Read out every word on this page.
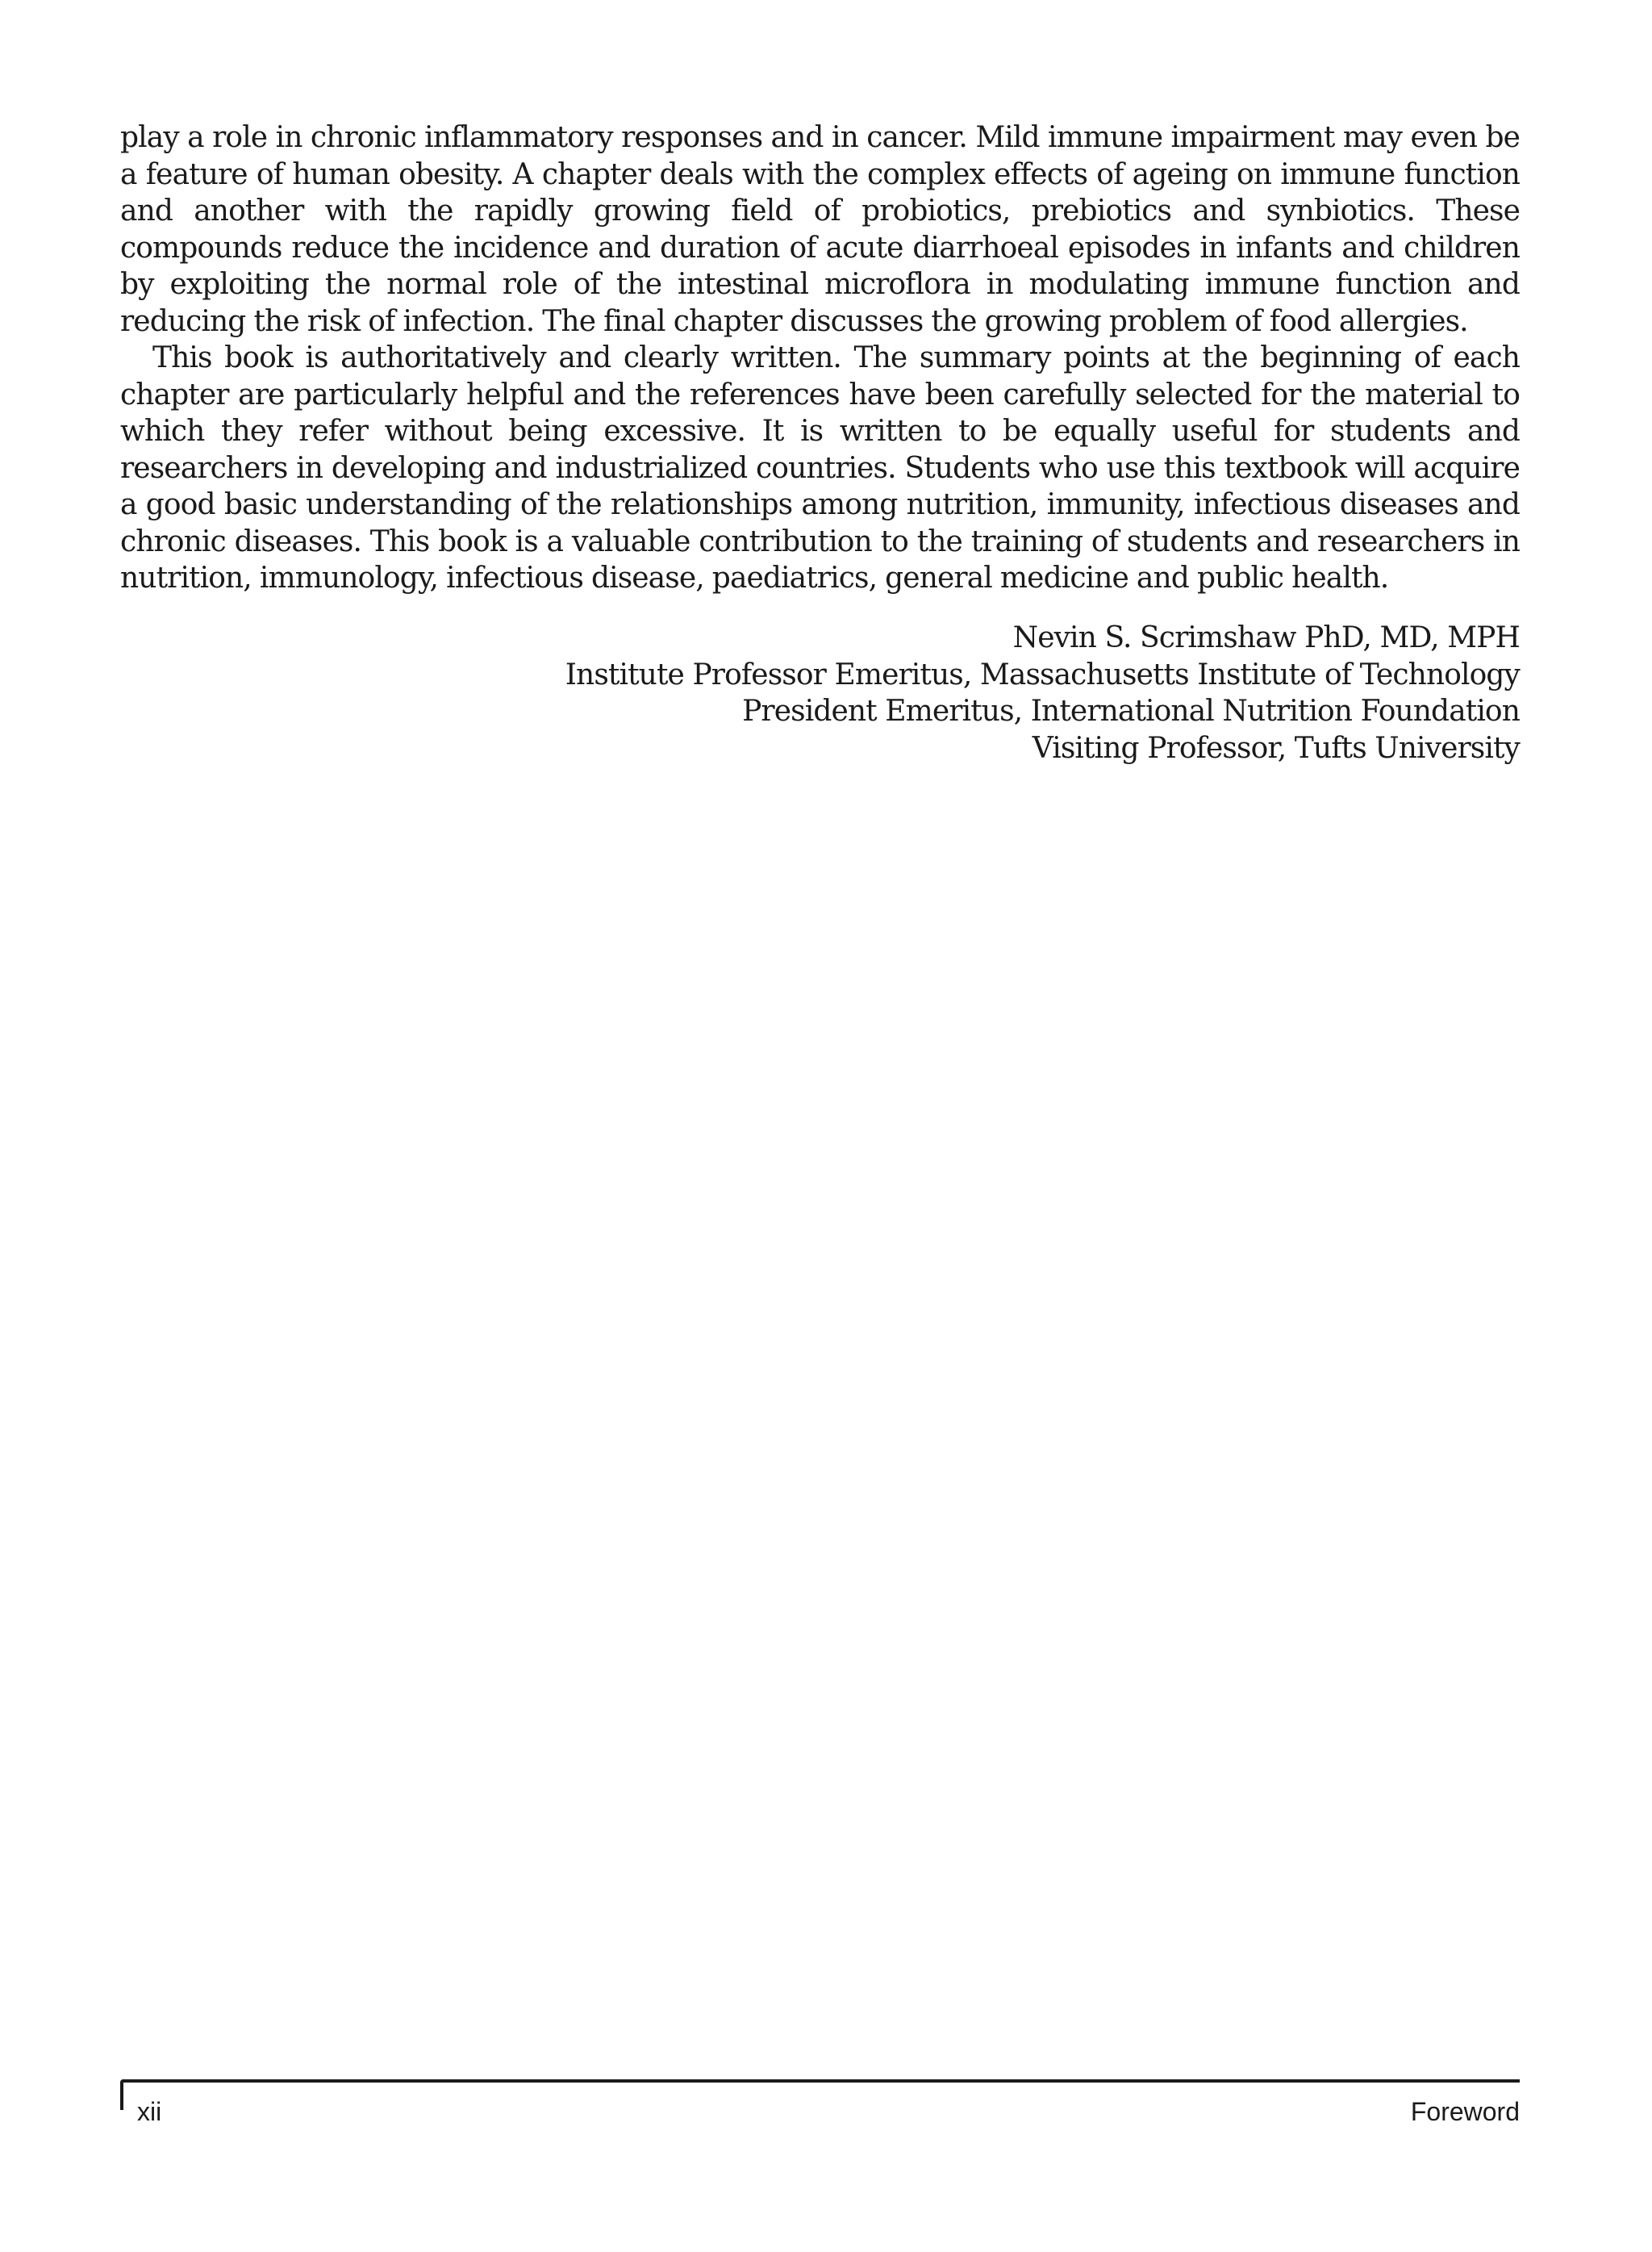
play a role in chronic inflammatory responses and in cancer. Mild immune impairment may even be a feature of human obesity. A chapter deals with the complex effects of ageing on immune function and another with the rapidly growing field of probiotics, prebiotics and synbiotics. These compounds reduce the incidence and duration of acute diarrhoeal episodes in infants and children by exploiting the normal role of the intestinal microflora in modulating immune function and reducing the risk of infection. The final chapter discusses the growing problem of food allergies.

This book is authoritatively and clearly written. The summary points at the beginning of each chapter are particularly helpful and the references have been carefully selected for the material to which they refer without being excessive. It is written to be equally useful for students and researchers in developing and industrialized countries. Students who use this textbook will acquire a good basic understanding of the relationships among nutrition, immunity, infectious diseases and chronic diseases. This book is a valuable contribution to the training of students and researchers in nutrition, immunology, infectious disease, paediatrics, general medicine and public health.

Nevin S. Scrimshaw PhD, MD, MPH
Institute Professor Emeritus, Massachusetts Institute of Technology
President Emeritus, International Nutrition Foundation
Visiting Professor, Tufts University
xii	Foreword
